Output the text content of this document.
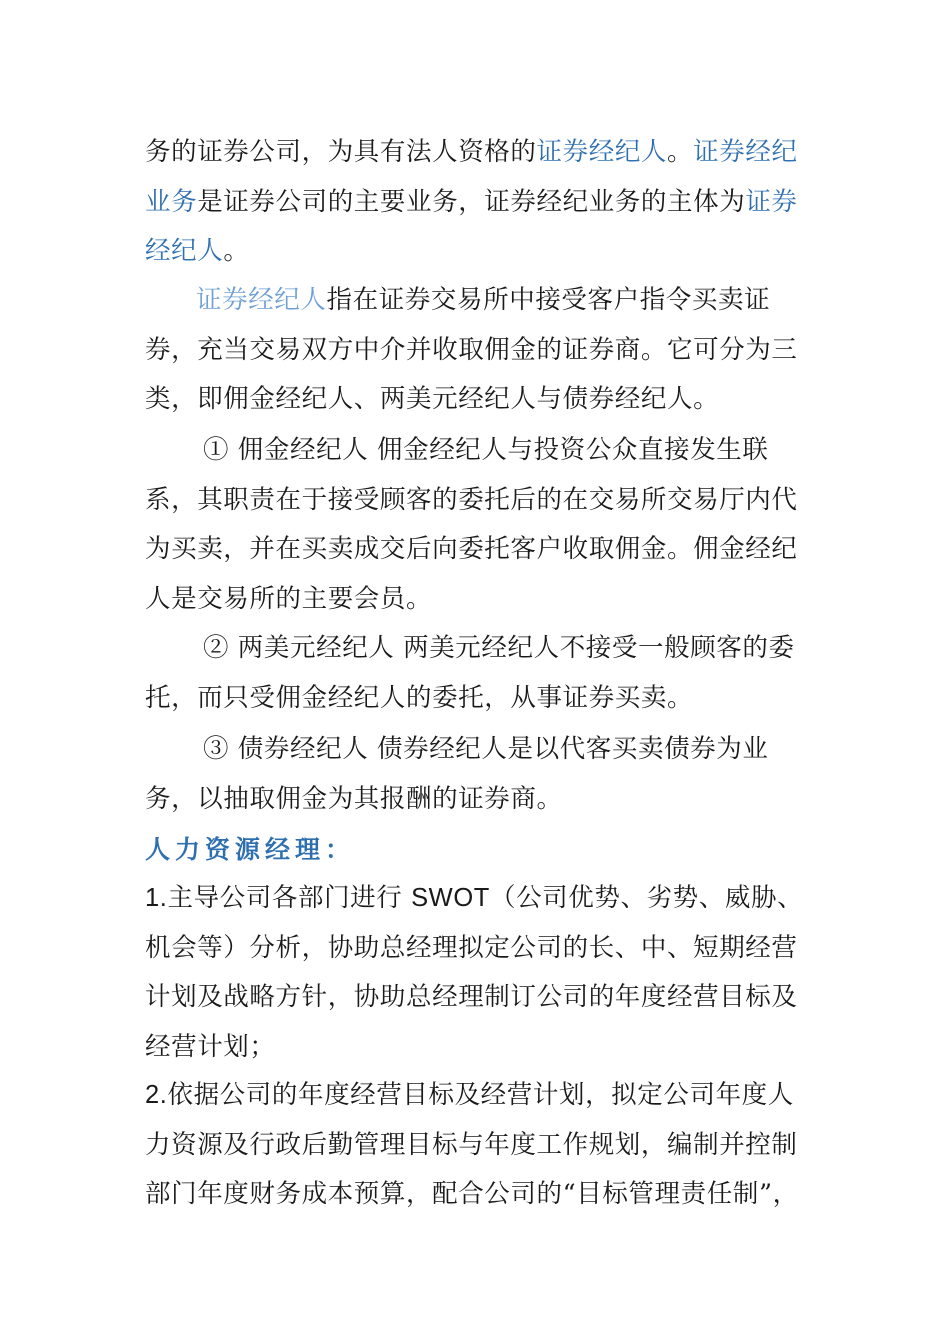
务的证券公司，为具有法人资格的证券经纪人。证券经纪业务是证券公司的主要业务，证券经纪业务的主体为证券经纪人。

证券经纪人指在证券交易所中接受客户指令买卖证券，充当交易双方中介并收取佣金的证券商。它可分为三类，即佣金经纪人、两美元经纪人与债券经纪人。

① 佣金经纪人 佣金经纪人与投资公众直接发生联系，其职责在于接受顾客的委托后的在交易所交易厅内代为买卖，并在买卖成交后向委托客户收取佣金。佣金经纪人是交易所的主要会员。

② 两美元经纪人 两美元经纪人不接受一般顾客的委托，而只受佣金经纪人的委托，从事证券买卖。

③ 债券经纪人 债券经纪人是以代客买卖债券为业务，以抽取佣金为其报酬的证券商。

人力资源经理：

1.主导公司各部门进行 SWOT（公司优势、劣势、威胁、机会等）分析，协助总经理拟定公司的长、中、短期经营计划及战略方针，协助总经理制订公司的年度经营目标及经营计划；

2.依据公司的年度经营目标及经营计划，拟定公司年度人力资源及行政后勤管理目标与年度工作规划，编制并控制部门年度财务成本预算，配合公司的“目标管理责任制”，
